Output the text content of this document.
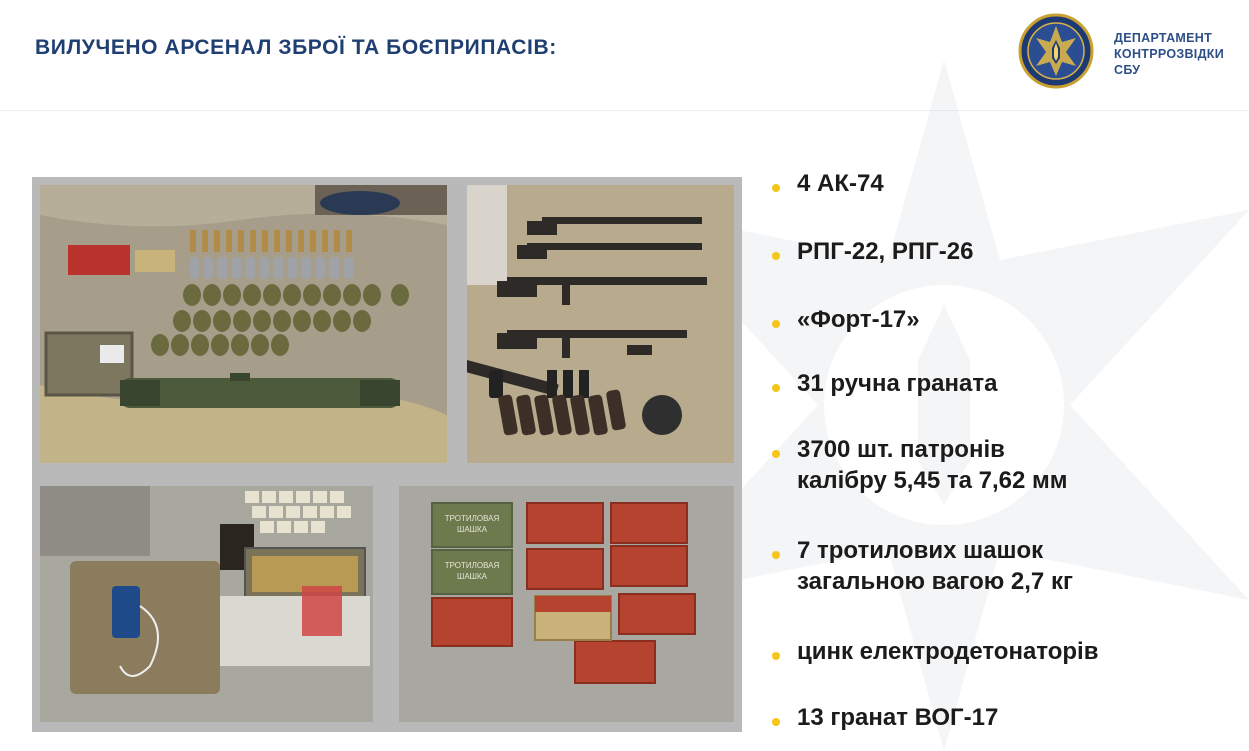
ВИЛУЧЕНО АРСЕНАЛ ЗБРОЇ ТА БОЄПРИПАСІВ:	ДЕПАРТАМЕНТ
КОНТРРОЗВІДКИ
СБУ
ТРОТИЛОВАЯ
ШАШКА
ТРОТИЛОВАЯ
ШАШКА
4 АК-74
РПГ-22, РПГ-26
«Форт-17»
31 ручна граната
3700 шт. патронів
калібру 5,45 та 7,62 мм
7 тротилових шашок
загальною вагою 2,7 кг
цинк електродетонаторів
13 гранат ВОГ-17
